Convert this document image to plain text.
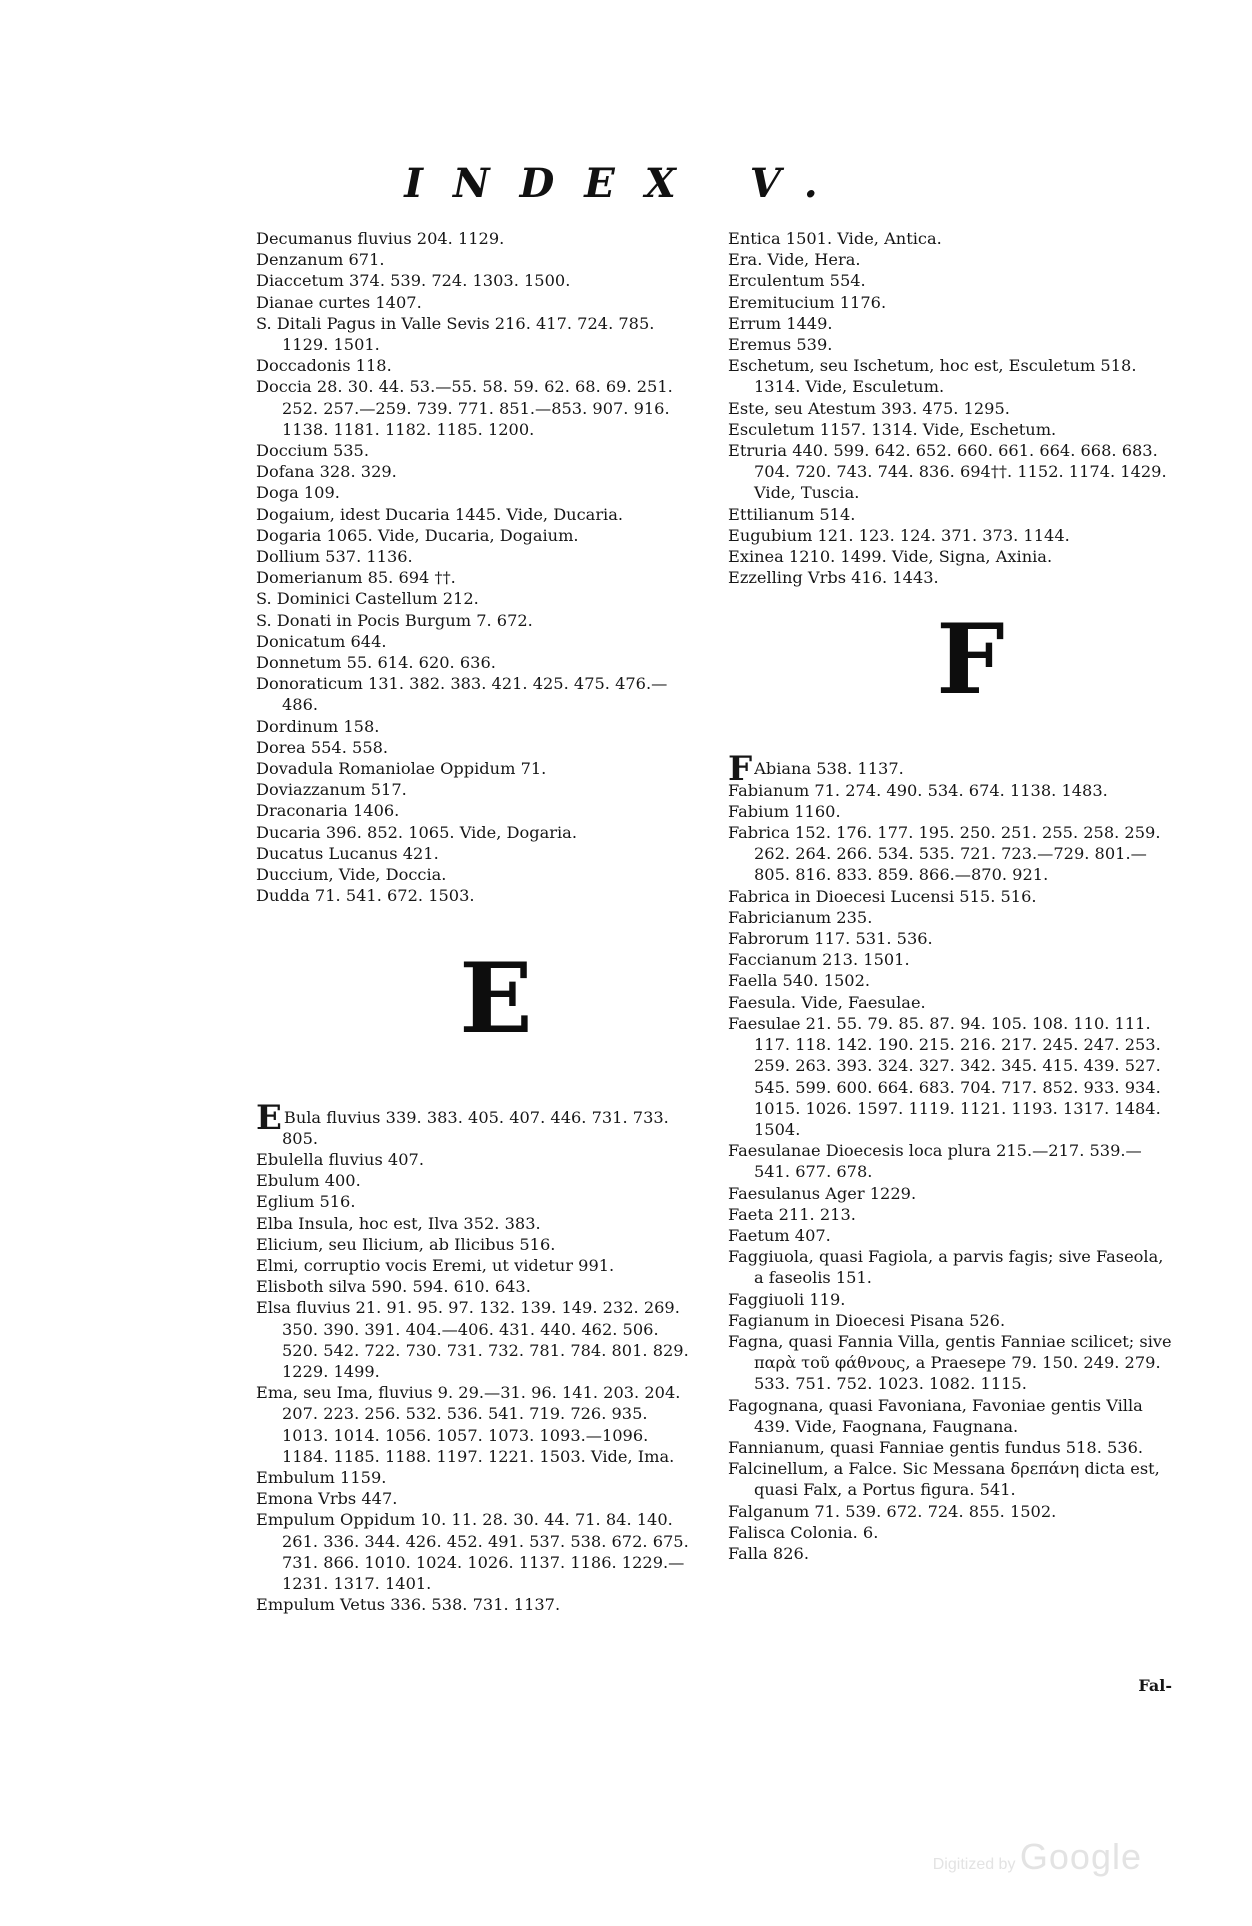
INDEX V.

Decumanus fluvius 204. 1129.

Denzanum 671.

Diaccetum 374. 539. 724. 1303. 1500.

Dianae curtes 1407.

S. Ditali Pagus in Valle Sevis 216. 417. 724. 785. 1129. 1501.

Doccadonis 118.

Doccia 28. 30. 44. 53.—55. 58. 59. 62. 68. 69. 251. 252. 257.—259. 739. 771. 851.—853. 907. 916. 1138. 1181. 1182. 1185. 1200.

Doccium 535.

Dofana 328. 329.

Doga 109.

Dogaium, idest Ducaria 1445. Vide, Ducaria.

Dogaria 1065. Vide, Ducaria, Dogaium.

Dollium 537. 1136.

Domerianum 85. 694 ††.

S. Dominici Castellum 212.

S. Donati in Pocis Burgum 7. 672.

Donicatum 644.

Donnetum 55. 614. 620. 636.

Donoraticum 131. 382. 383. 421. 425. 475. 476.—486.

Dordinum 158.

Dorea 554. 558.

Dovadula Romaniolae Oppidum 71.

Doviazzanum 517.

Draconaria 1406.

Ducaria 396. 852. 1065. Vide, Dogaria.

Ducatus Lucanus 421.

Duccium, Vide, Doccia.

Dudda 71. 541. 672. 1503.

E

E Bula fluvius 339. 383. 405. 407. 446. 731. 733. 805.

Ebulella fluvius 407.

Ebulum 400.

Eglium 516.

Elba Insula, hoc est, Ilva 352. 383.

Elicium, seu Ilicium, ab Ilicibus 516.

Elmi, corruptio vocis Eremi, ut videtur 991.

Elisboth silva 590. 594. 610. 643.

Elsa fluvius 21. 91. 95. 97. 132. 139. 149. 232. 269. 350. 390. 391. 404.—406. 431. 440. 462. 506. 520. 542. 722. 730. 731. 732. 781. 784. 801. 829. 1229. 1499.

Ema, seu Ima, fluvius 9. 29.—31. 96. 141. 203. 204. 207. 223. 256. 532. 536. 541. 719. 726. 935. 1013. 1014. 1056. 1057. 1073. 1093.—1096. 1184. 1185. 1188. 1197. 1221. 1503. Vide, Ima.

Embulum 1159.

Emona Vrbs 447.

Empulum Oppidum 10. 11. 28. 30. 44. 71. 84. 140. 261. 336. 344. 426. 452. 491. 537. 538. 672. 675. 731. 866. 1010. 1024. 1026. 1137. 1186. 1229.—1231. 1317. 1401.

Empulum Vetus 336. 538. 731. 1137.

Entica 1501. Vide, Antica.

Era. Vide, Hera.

Erculentum 554.

Eremitucium 1176.

Errum 1449.

Eremus 539.

Eschetum, seu Ischetum, hoc est, Esculetum 518. 1314. Vide, Esculetum.

Este, seu Atestum 393. 475. 1295.

Esculetum 1157. 1314. Vide, Eschetum.

Etruria 440. 599. 642. 652. 660. 661. 664. 668. 683. 704. 720. 743. 744. 836. 694††. 1152. 1174. 1429. Vide, Tuscia.

Ettilianum 514.

Eugubium 121. 123. 124. 371. 373. 1144.

Exinea 1210. 1499. Vide, Signa, Axinia.

Ezzelling Vrbs 416. 1443.

F

F Abiana 538. 1137.

Fabianum 71. 274. 490. 534. 674. 1138. 1483.

Fabium 1160.

Fabrica 152. 176. 177. 195. 250. 251. 255. 258. 259. 262. 264. 266. 534. 535. 721. 723.—729. 801.—805. 816. 833. 859. 866.—870. 921.

Fabrica in Dioecesi Lucensi 515. 516.

Fabricianum 235.

Fabrorum 117. 531. 536.

Faccianum 213. 1501.

Faella 540. 1502.

Faesula. Vide, Faesulae.

Faesulae 21. 55. 79. 85. 87. 94. 105. 108. 110. 111. 117. 118. 142. 190. 215. 216. 217. 245. 247. 253. 259. 263. 393. 324. 327. 342. 345. 415. 439. 527. 545. 599. 600. 664. 683. 704. 717. 852. 933. 934. 1015. 1026. 1597. 1119. 1121. 1193. 1317. 1484. 1504.

Faesulanae Dioecesis loca plura 215.—217. 539.—541. 677. 678.

Faesulanus Ager 1229.

Faeta 211. 213.

Faetum 407.

Faggiuola, quasi Fagiola, a parvis fagis; sive Faseola, a faseolis 151.

Faggiuoli 119.

Fagianum in Dioecesi Pisana 526.

Fagna, quasi Fannia Villa, gentis Fanniae scilicet; sive παρὰ τοῦ φάθνους, a Praesepe 79. 150. 249. 279. 533. 751. 752. 1023. 1082. 1115.

Fagognana, quasi Favoniana, Favoniae gentis Villa 439. Vide, Faognana, Faugnana.

Fannianum, quasi Fanniae gentis fundus 518. 536.

Falcinellum, a Falce. Sic Messana δρεπάνη dicta est, quasi Falx, a Portus figura. 541.

Falganum 71. 539. 672. 724. 855. 1502.

Falisca Colonia. 6.

Falla 826.

Fal-
Digitized by Google
